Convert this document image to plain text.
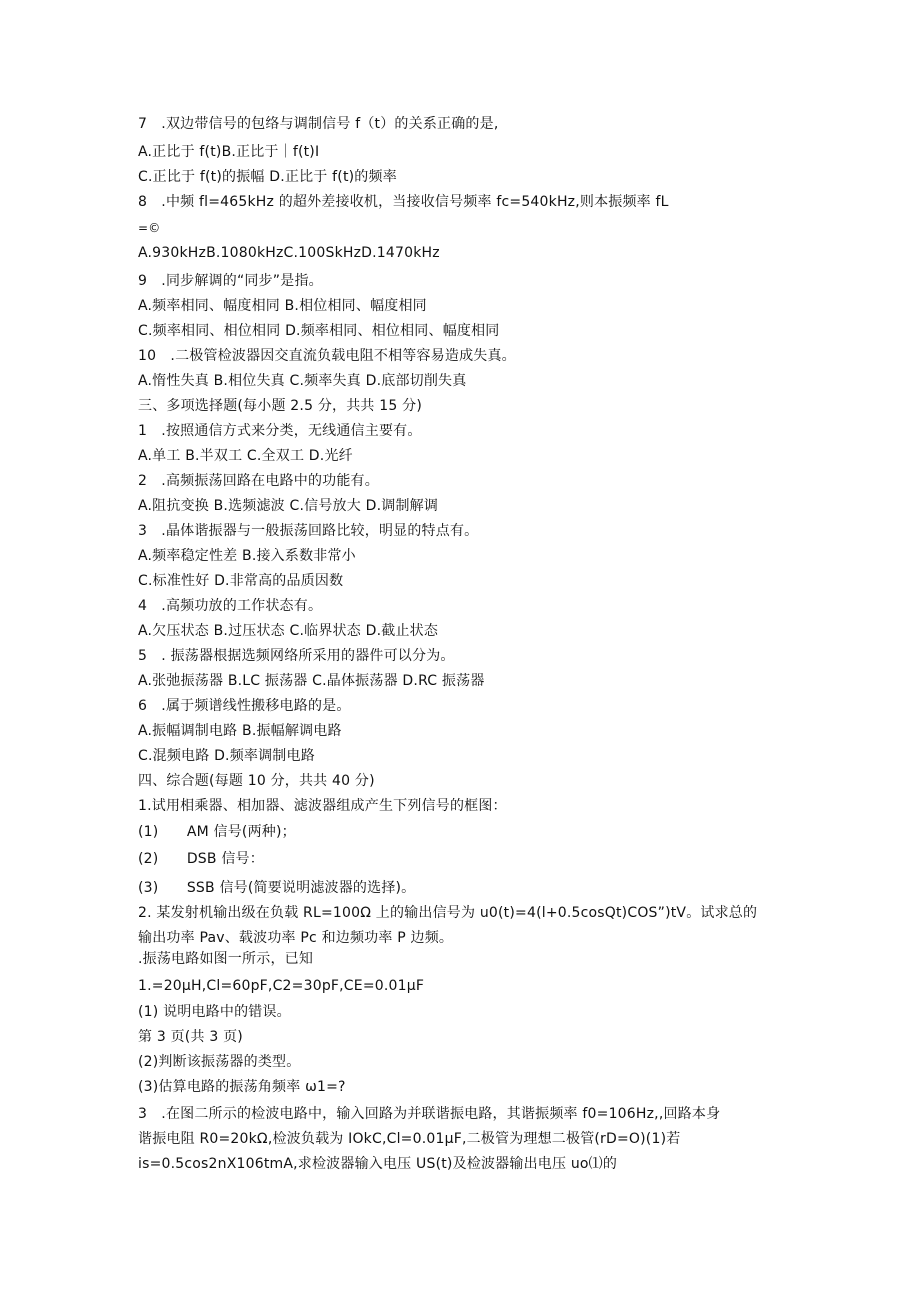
7　.双边带信号的包络与调制信号 f（t）的关系正确的是,
A.正比于 f(t)B.正比于｜f(t)I
C.正比于 f(t)的振幅 D.正比于 f(t)的频率
8　.中频 fl=465kHz 的超外差接收机，当接收信号频率 fc=540kHz,则本振频率 fL
=©
A.930kHzB.1080kHzC.100SkHzD.1470kHz
9　.同步解调的“同步”是指。
A.频率相同、幅度相同 B.相位相同、幅度相同
C.频率相同、相位相同 D.频率相同、相位相同、幅度相同
10　.二极管检波器因交直流负载电阻不相等容易造成失真。
A.惰性失真 B.相位失真 C.频率失真 D.底部切削失真
三、多项选择题(每小题 2.5 分，共共 15 分)
1　.按照通信方式来分类，无线通信主要有。
A.单工 B.半双工 C.全双工 D.光纤
2　.高频振荡回路在电路中的功能有。
A.阻抗变换 B.选频滤波 C.信号放大 D.调制解调
3　.晶体谐振器与一般振荡回路比较，明显的特点有。
A.频率稳定性差 B.接入系数非常小
C.标准性好 D.非常高的品质因数
4　.高频功放的工作状态有。
A.欠压状态 B.过压状态 C.临界状态 D.截止状态
5　. 振荡器根据选频网络所采用的器件可以分为。
A.张弛振荡器 B.LC 振荡器 C.晶体振荡器 D.RC 振荡器
6　.属于频谱线性搬移电路的是。
A.振幅调制电路 B.振幅解调电路
C.混频电路 D.频率调制电路
四、综合题(每题 10 分，共共 40 分)
1.试用相乘器、相加器、滤波器组成产生下列信号的框图：
(1)　　AM 信号(两种)；
(2)　　DSB 信号：
(3)　　SSB 信号(简要说明滤波器的选择)。
2. 某发射机输出级在负载 RL=100Ω 上的输出信号为 u0(t)=4(l+0.5cosQt)COS”)tV。试求总的
输出功率 Pav、载波功率 Pc 和边频功率 P 边频。
.振荡电路如图一所示，已知
1.=20μH,Cl=60pF,C2=30pF,CE=0.01μF
(1) 说明电路中的错误。
第 3 页(共 3 页)
(2)判断该振荡器的类型。
(3)估算电路的振荡角频率 ω1=?
3　.在图二所示的检波电路中，输入回路为并联谐振电路，其谐振频率 f0=106Hz,,回路本身
谐振电阻 R0=20kΩ,检波负载为 IOkC,Cl=0.01μF,二极管为理想二极管(rD=O)(1)若
is=0.5cos2nX106tmA,求检波器输入电压 US(t)及检波器输出电压 uo⑴的
